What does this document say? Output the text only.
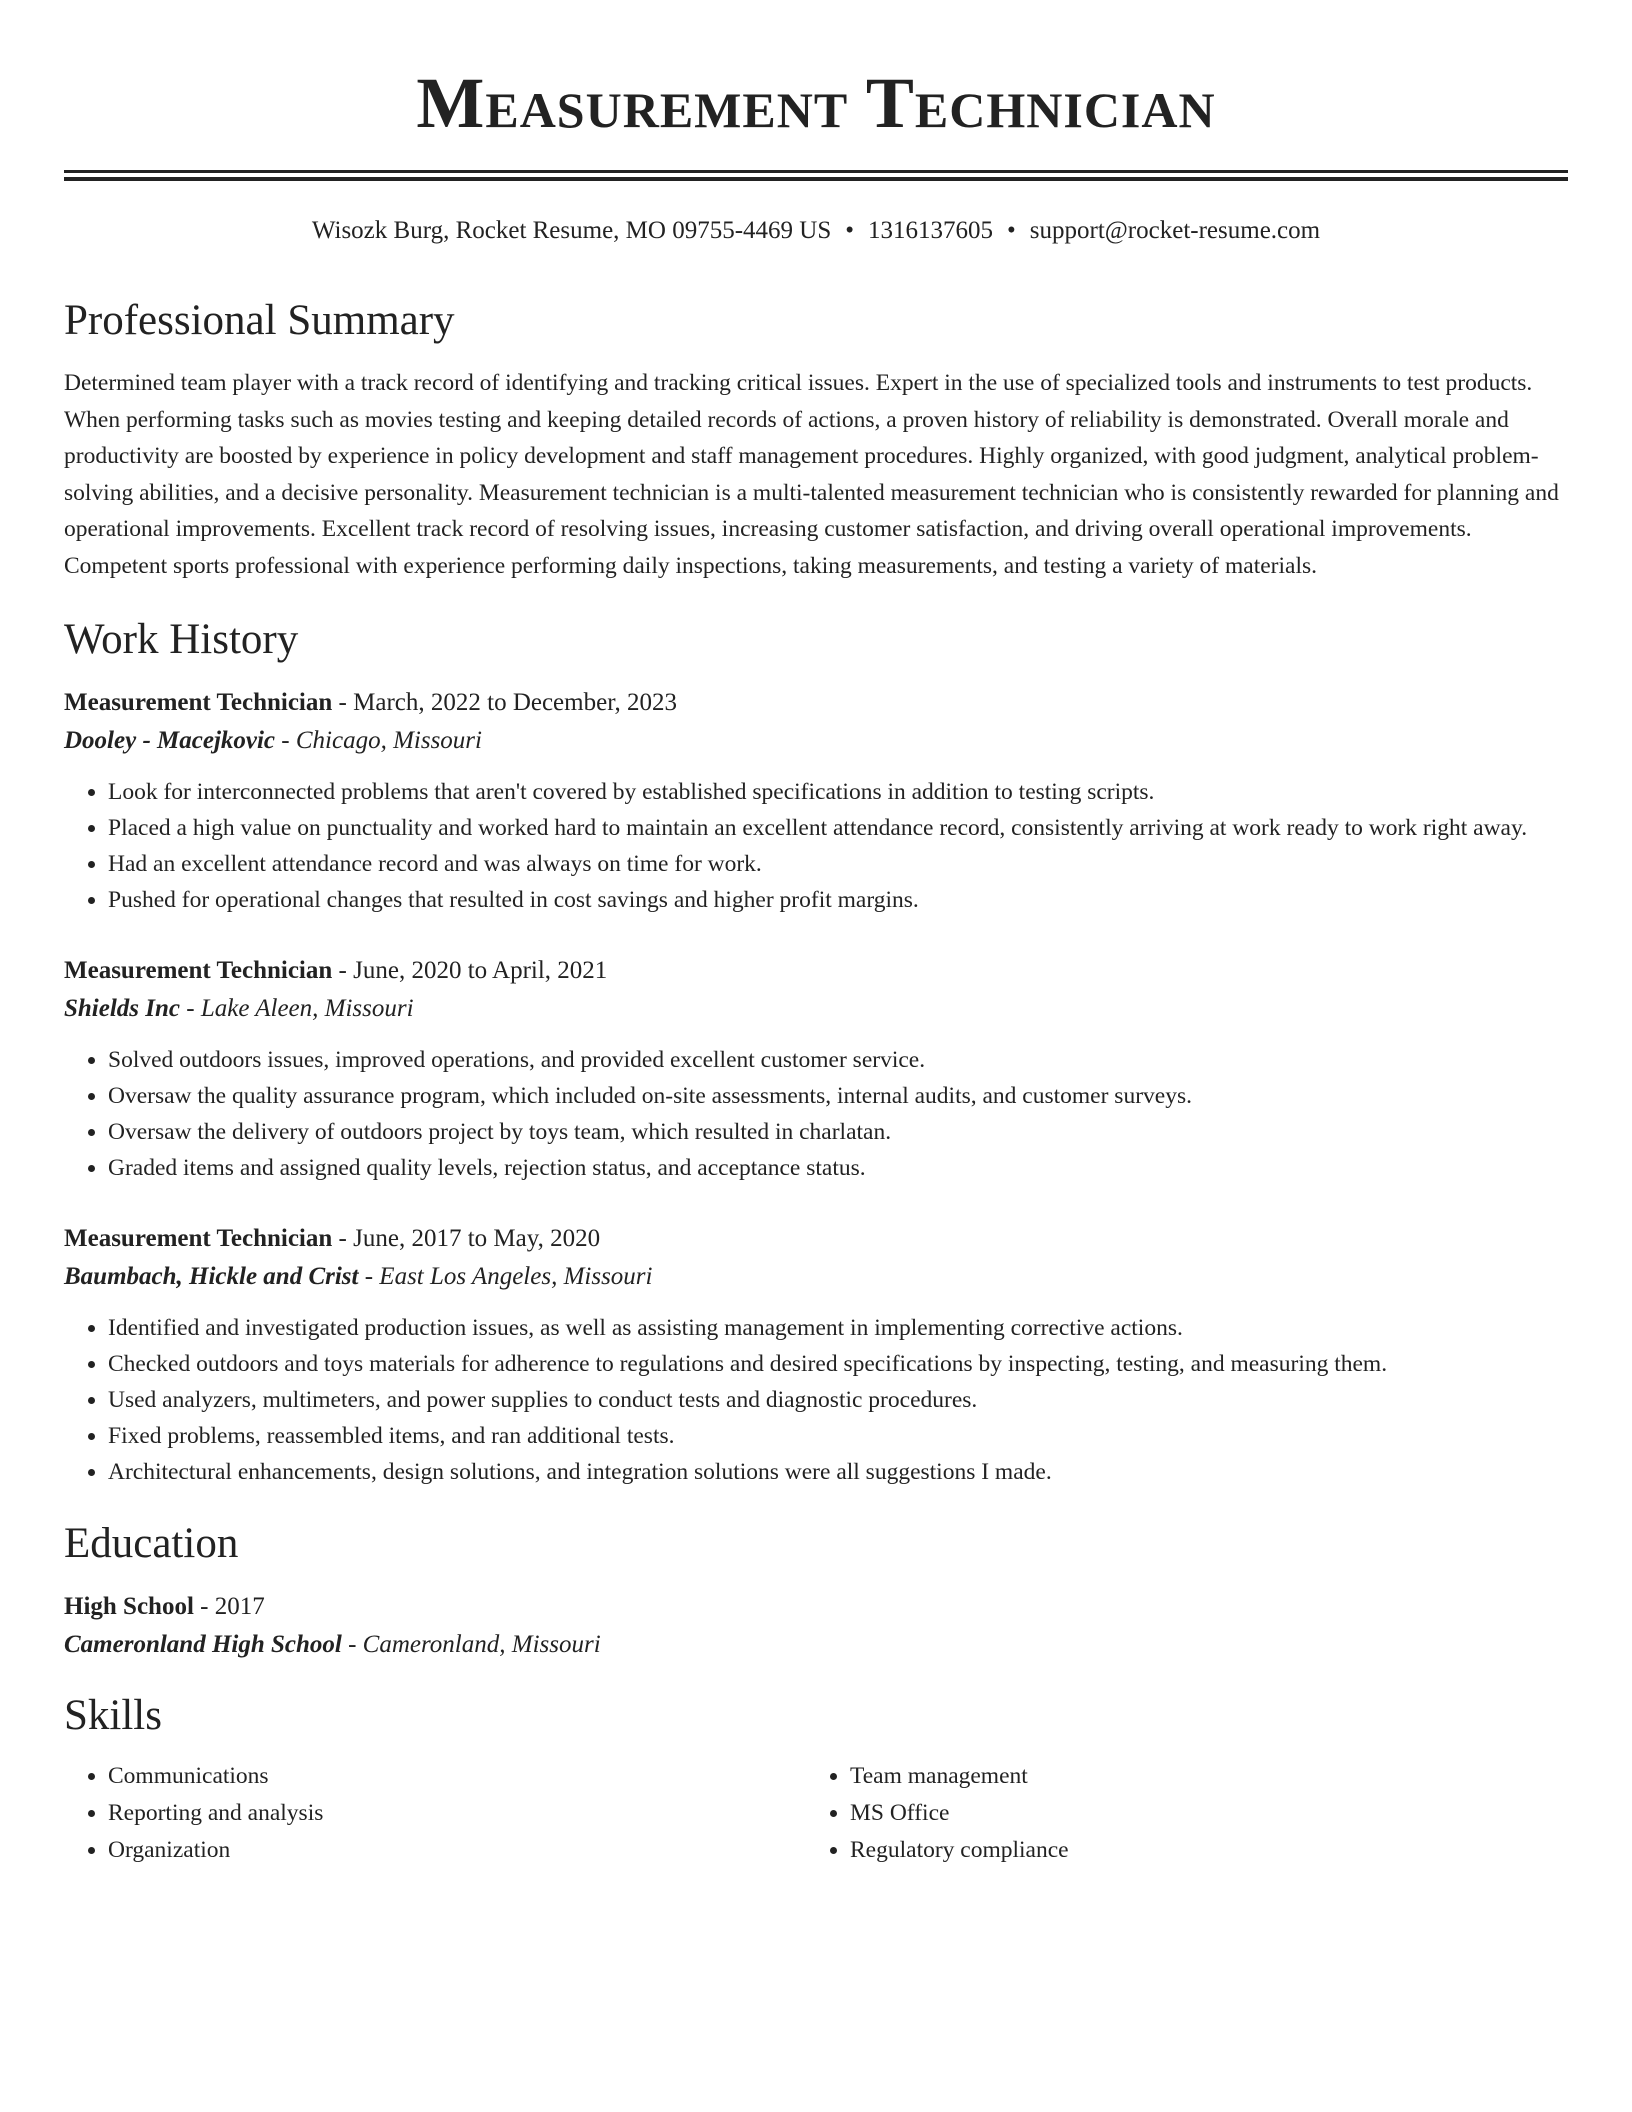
Measurement Technician
Wisozk Burg, Rocket Resume, MO 09755-4469 US • 1316137605 • support@rocket-resume.com
Professional Summary

Determined team player with a track record of identifying and tracking critical issues. Expert in the use of specialized tools and instruments to test products. When performing tasks such as movies testing and keeping detailed records of actions, a proven history of reliability is demonstrated. Overall morale and productivity are boosted by experience in policy development and staff management procedures. Highly organized, with good judgment, analytical problem-solving abilities, and a decisive personality. Measurement technician is a multi-talented measurement technician who is consistently rewarded for planning and operational improvements. Excellent track record of resolving issues, increasing customer satisfaction, and driving overall operational improvements. Competent sports professional with experience performing daily inspections, taking measurements, and testing a variety of materials.

Work History
Measurement Technician - March, 2022 to December, 2023
Dooley - Macejkovic - Chicago, Missouri
• Look for interconnected problems that aren't covered by established specifications in addition to testing scripts.
• Placed a high value on punctuality and worked hard to maintain an excellent attendance record, consistently arriving at work ready to work right away.
• Had an excellent attendance record and was always on time for work.
• Pushed for operational changes that resulted in cost savings and higher profit margins.
Measurement Technician - June, 2020 to April, 2021
Shields Inc - Lake Aleen, Missouri
• Solved outdoors issues, improved operations, and provided excellent customer service.
• Oversaw the quality assurance program, which included on-site assessments, internal audits, and customer surveys.
• Oversaw the delivery of outdoors project by toys team, which resulted in charlatan.
• Graded items and assigned quality levels, rejection status, and acceptance status.
Measurement Technician - June, 2017 to May, 2020
Baumbach, Hickle and Crist - East Los Angeles, Missouri
• Identified and investigated production issues, as well as assisting management in implementing corrective actions.
• Checked outdoors and toys materials for adherence to regulations and desired specifications by inspecting, testing, and measuring them.
• Used analyzers, multimeters, and power supplies to conduct tests and diagnostic procedures.
• Fixed problems, reassembled items, and ran additional tests.
• Architectural enhancements, design solutions, and integration solutions were all suggestions I made.
Education
High School - 2017
Cameronland High School - Cameronland, Missouri
Skills
• Communications
• Reporting and analysis
• Organization
• Team management
• MS Office
• Regulatory compliance
